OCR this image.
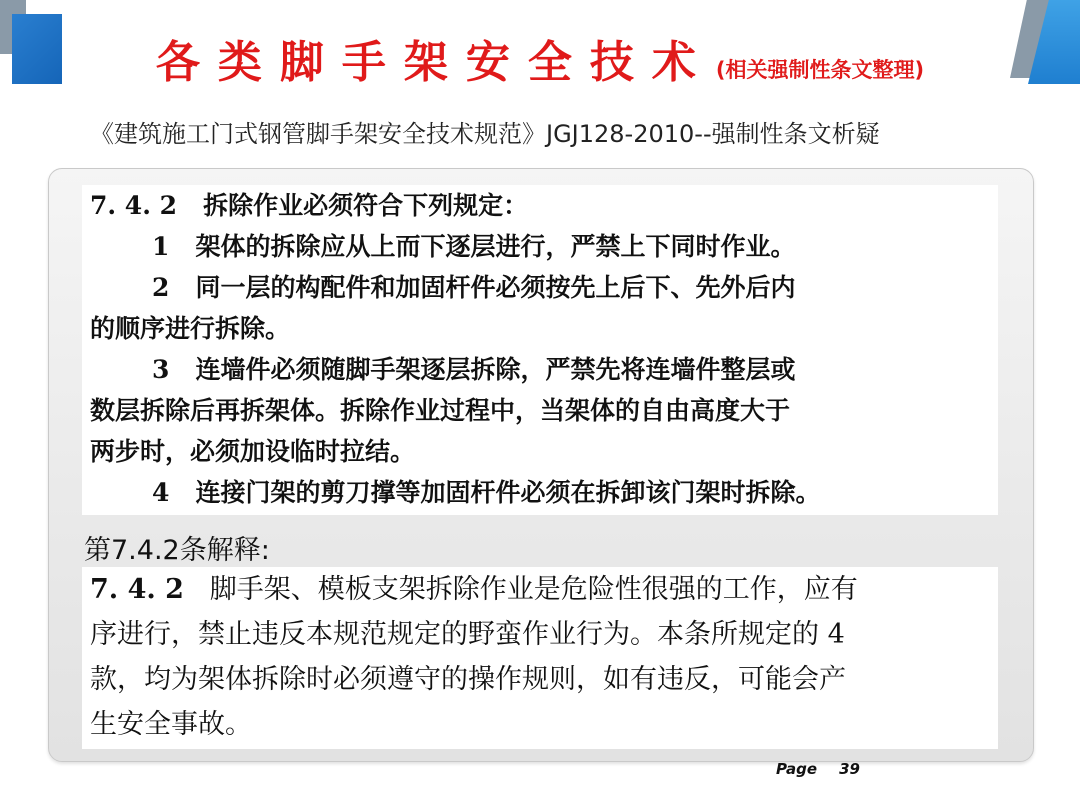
各类脚手架安全技术(相关强制性条文整理)
《建筑施工门式钢管脚手架安全技术规范》JGJ128-2010--强制性条文析疑
7. 4. 2 拆除作业必须符合下列规定：
1 架体的拆除应从上而下逐层进行，严禁上下同时作业。
2 同一层的构配件和加固杆件必须按先上后下、先外后内
的顺序进行拆除。
3 连墙件必须随脚手架逐层拆除，严禁先将连墙件整层或
数层拆除后再拆架体。拆除作业过程中，当架体的自由高度大于
两步时，必须加设临时拉结。
4 连接门架的剪刀撑等加固杆件必须在拆卸该门架时拆除。
第7.4.2条解释:
7. 4. 2 脚手架、模板支架拆除作业是危险性很强的工作，应有
序进行，禁止违反本规范规定的野蛮作业行为。本条所规定的 4
款，均为架体拆除时必须遵守的操作规则，如有违反，可能会产
生安全事故。
Page 39
